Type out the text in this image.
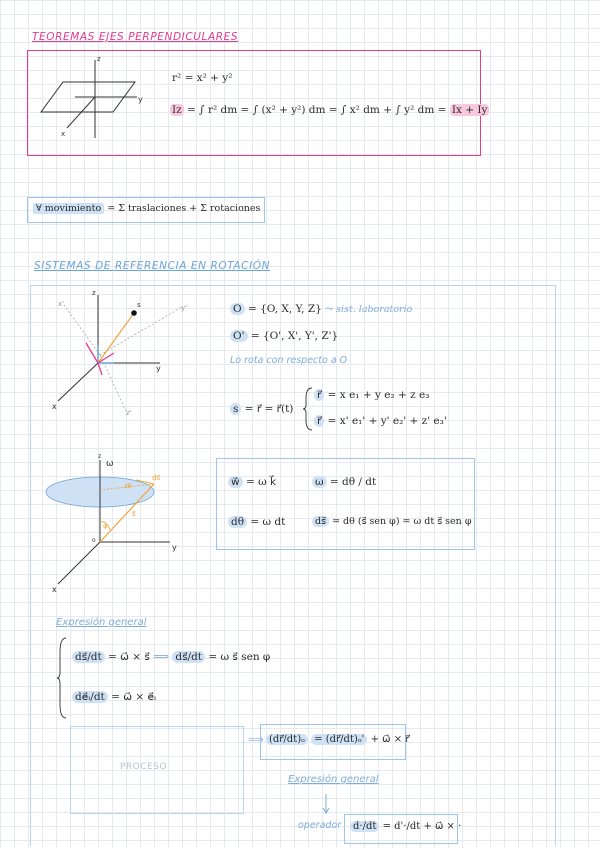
TEOREMAS EJES PERPENDICULARES
z
y
x
r² = x² + y²
Iz = ∫ r² dm = ∫ (x² + y²) dm = ∫ x² dm + ∫ y² dm = Ix + Iy
∀ movimiento = Σ traslaciones + Σ rotaciones
SISTEMAS DE REFERENCIA EN ROTACIÓN
z
y
x
x'	y'
z'
s	O = {O, X, Y, Z} ⤳ sist. laboratorio
O' = {O', X', Y', Z'}
Lo rota con respecto a O
s = r⃗ = r⃗(t)
r⃗ = x e₁ + y e₂ + z e₃
r⃗ = x' e₁' + y' e₂' + z' e₃'
z
ω
ds⃗
dθ
s⃗
φ
o
y
x
w⃗ = ω k⃗	ω = dθ / dt
dθ = ω dt	ds⃗ = dθ (s⃗ sen φ) = ω dt s⃗ sen φ
Expresión general
ds⃗/dt = ω⃗ × s⃗ ⟹ ds⃗/dt = ω s⃗ sen φ
de⃗ᵢ/dt = ω⃗ × e⃗ᵢ
PROCESO
⟹ (dr⃗/dt)ₒ = (dr⃗/dt)ₒ' + ω⃗ × r⃗
Expresión general
operador	d·/dt = d'·/dt + ω⃗ × ·
